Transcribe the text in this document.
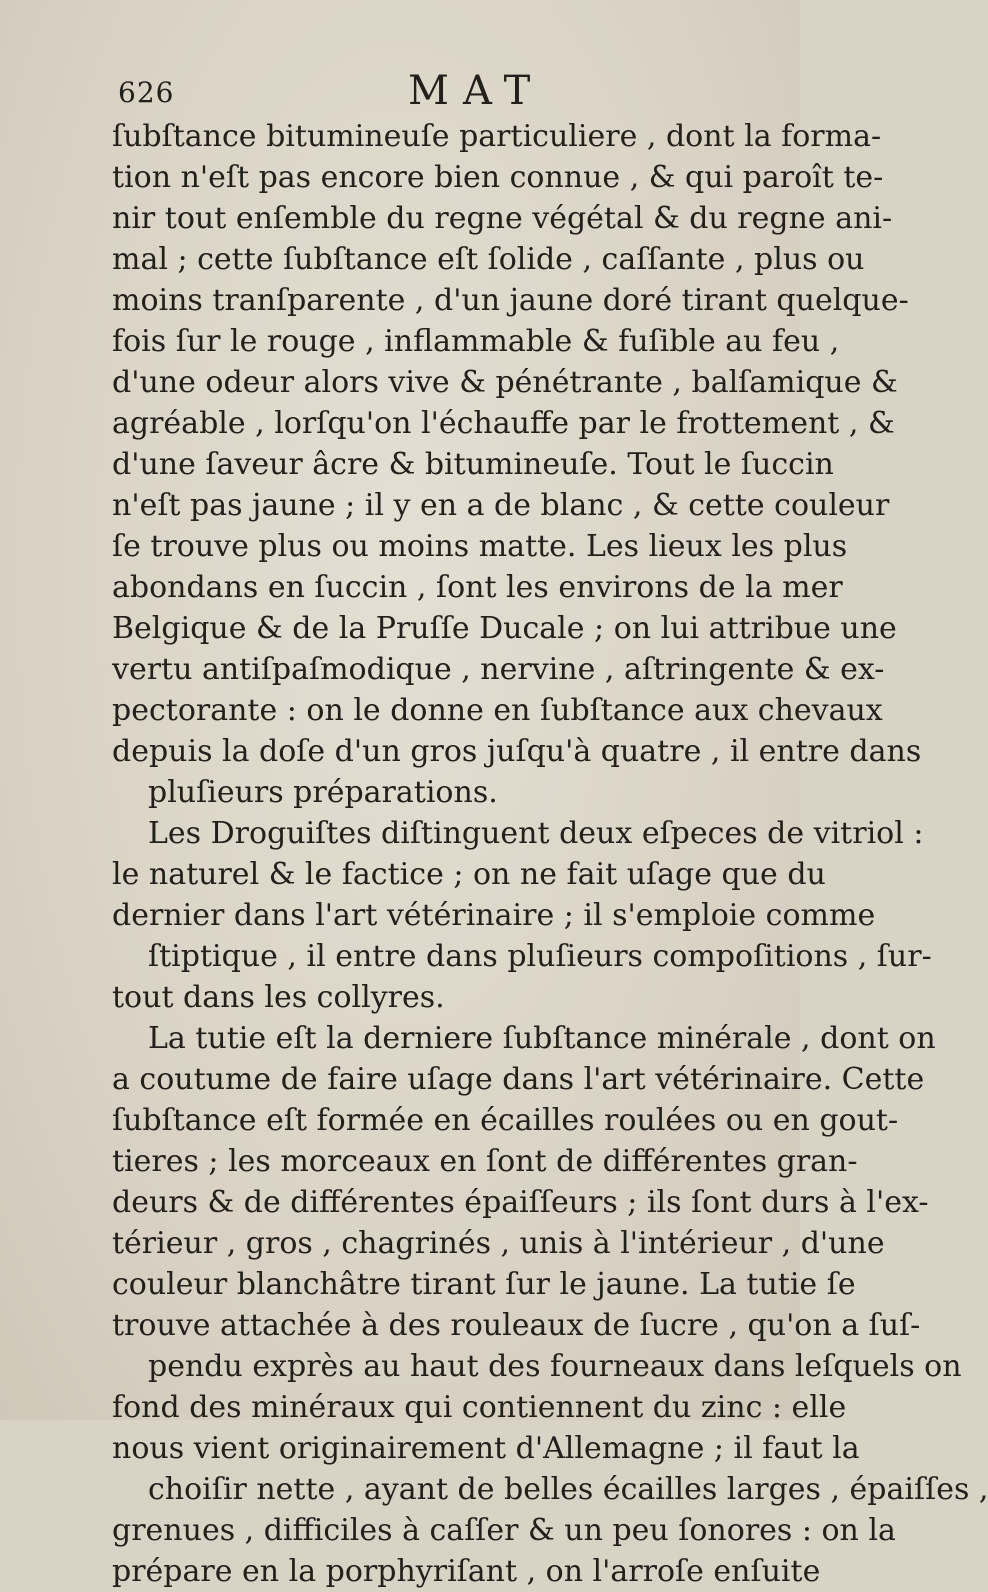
626	MAT
ſubſtance bitumineuſe particuliere , dont la forma-
tion n'eſt pas encore bien connue , & qui paroît te-
nir tout enſemble du regne végétal & du regne ani-
mal ; cette ſubſtance eſt ſolide , caſſante , plus ou
moins tranſparente , d'un jaune doré tirant quelque-
fois ſur le rouge , inflammable & fuſible au feu ,
d'une odeur alors vive & pénétrante , balſamique &
agréable , lorſqu'on l'échauffe par le frottement , &
d'une ſaveur âcre & bitumineuſe. Tout le ſuccin
n'eſt pas jaune ; il y en a de blanc , & cette couleur
ſe trouve plus ou moins matte. Les lieux les plus
abondans en ſuccin , ſont les environs de la mer
Belgique & de la Pruſſe Ducale ; on lui attribue une
vertu antiſpaſmodique , nervine , aſtringente & ex-
pectorante : on le donne en ſubſtance aux chevaux
depuis la doſe d'un gros juſqu'à quatre , il entre dans
pluſieurs préparations.
Les Droguiſtes diſtinguent deux eſpeces de vitriol :
le naturel & le factice ; on ne fait uſage que du
dernier dans l'art vétérinaire ; il s'emploie comme
ſtiptique , il entre dans pluſieurs compoſitions , ſur-
tout dans les collyres.
La tutie eſt la derniere ſubſtance minérale , dont on
a coutume de faire uſage dans l'art vétérinaire. Cette
ſubſtance eſt formée en écailles roulées ou en gout-
tieres ; les morceaux en ſont de différentes gran-
deurs & de différentes épaiſſeurs ; ils ſont durs à l'ex-
térieur , gros , chagrinés , unis à l'intérieur , d'une
couleur blanchâtre tirant ſur le jaune. La tutie ſe
trouve attachée à des rouleaux de ſucre , qu'on a ſuſ-
pendu exprès au haut des fourneaux dans leſquels on
fond des minéraux qui contiennent du zinc : elle
nous vient originairement d'Allemagne ; il faut la
choiſir nette , ayant de belles écailles larges , épaiſſes ,
grenues , difficiles à caſſer & un peu ſonores : on la
prépare en la porphyriſant , on l'arroſe enſuite
